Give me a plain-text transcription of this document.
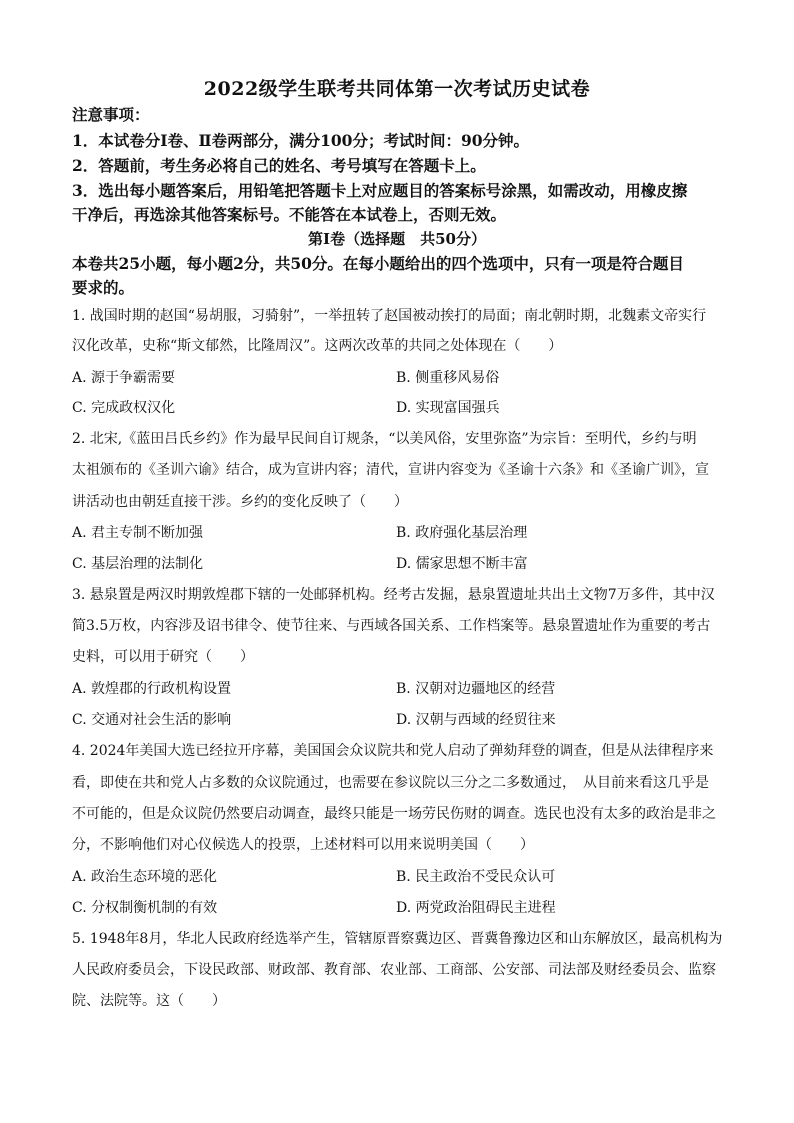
2022级学生联考共同体第一次考试历史试卷
注意事项：
1．本试卷分Ⅰ卷、Ⅱ卷两部分，满分100分；考试时间：90分钟。
2．答题前，考生务必将自己的姓名、考号填写在答题卡上。
3．选出每小题答案后，用铅笔把答题卡上对应题目的答案标号涂黑，如需改动，用橡皮擦
干净后，再选涂其他答案标号。不能答在本试卷上，否则无效。
第Ⅰ卷（选择题　共50分）
本卷共25小题，每小题2分，共50分。在每小题给出的四个选项中，只有一项是符合题目
要求的。
1. 战国时期的赵国“易胡服，习骑射”，一举扭转了赵国被动挨打的局面；南北朝时期，北魏素文帝实行
汉化改革，史称“斯文郁然，比隆周汉”。这两次改革的共同之处体现在（　　）
A. 源于争霸需要	B. 侧重移风易俗
C. 完成政权汉化	D. 实现富国强兵
2. 北宋,《蓝田吕氏乡约》作为最早民间自订规条，“以美风俗，安里弥盗”为宗旨：至明代，乡约与明
太祖颁布的《圣训六谕》结合，成为宣讲内容；清代，宣讲内容变为《圣谕十六条》和《圣谕广训》，宣
讲活动也由朝廷直接干涉。乡约的变化反映了（　　）
A. 君主专制不断加强	B. 政府强化基层治理
C. 基层治理的法制化	D. 儒家思想不断丰富
3. 悬泉置是两汉时期敦煌郡下辖的一处邮驿机构。经考古发掘，悬泉置遗址共出土文物7万多件，其中汉
简3.5万枚，内容涉及诏书律令、使节往来、与西域各国关系、工作档案等。悬泉置遗址作为重要的考古
史料，可以用于研究（　　）
A. 敦煌郡的行政机构设置	B. 汉朝对边疆地区的经营
C. 交通对社会生活的影响	D. 汉朝与西域的经贸往来
4. 2024年美国大选已经拉开序幕，美国国会众议院共和党人启动了弹劾拜登的调查，但是从法律程序来
看，即使在共和党人占多数的众议院通过，也需要在参议院以三分之二多数通过，　从目前来看这几乎是
不可能的，但是众议院仍然要启动调查，最终只能是一场劳民伤财的调查。选民也没有太多的政治是非之
分，不影响他们对心仪候选人的投票，上述材料可以用来说明美国（　　）
A. 政治生态环境的恶化	B. 民主政治不受民众认可
C. 分权制衡机制的有效	D. 两党政治阻碍民主进程
5. 1948年8月，华北人民政府经选举产生，管辖原晋察冀边区、晋冀鲁豫边区和山东解放区，最高机构为
人民政府委员会，下设民政部、财政部、教育部、农业部、工商部、公安部、司法部及财经委员会、监察
院、法院等。这（　　）
